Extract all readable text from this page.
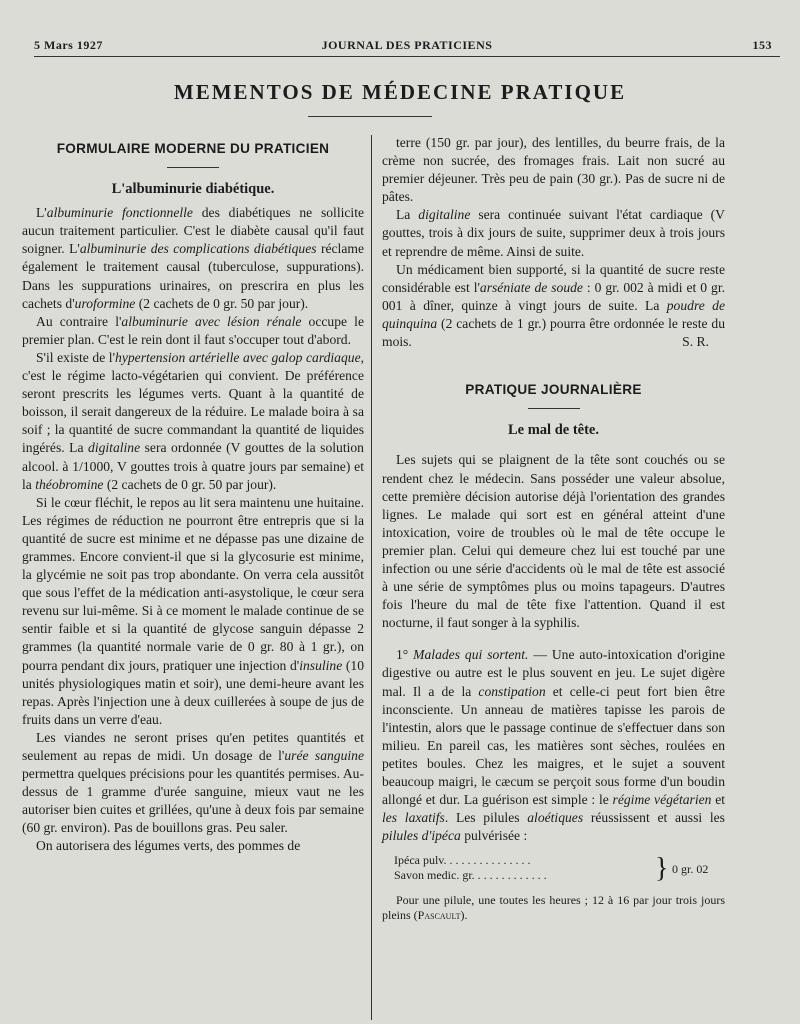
5 Mars 1927	JOURNAL DES PRATICIENS	153
MEMENTOS DE MÉDECINE PRATIQUE
FORMULAIRE MODERNE DU PRATICIEN
L'albuminurie diabétique.

L'albuminurie fonctionnelle des diabétiques ne sollicite aucun traitement particulier. C'est le diabète causal qu'il faut soigner. L'albuminurie des complications diabétiques réclame également le traitement causal (tuberculose, suppurations). Dans les suppurations urinaires, on prescrira en plus les cachets d'uroformine (2 cachets de 0 gr. 50 par jour).

Au contraire l'albuminurie avec lésion rénale occupe le premier plan. C'est le rein dont il faut s'occuper tout d'abord.

S'il existe de l'hypertension artérielle avec galop cardiaque, c'est le régime lacto-végétarien qui convient. De préférence seront prescrits les légumes verts. Quant à la quantité de boisson, il serait dangereux de la réduire. Le malade boira à sa soif ; la quantité de sucre commandant la quantité de liquides ingérés. La digitaline sera ordonnée (V gouttes de la solution alcool. à 1/1000, V gouttes trois à quatre jours par semaine) et la théobromine (2 cachets de 0 gr. 50 par jour).

Si le cœur fléchit, le repos au lit sera maintenu une huitaine. Les régimes de réduction ne pourront être entrepris que si la quantité de sucre est minime et ne dépasse pas une dizaine de grammes. Encore convient-il que si la glycosurie est minime, la glycémie ne soit pas trop abondante. On verra cela aussitôt que sous l'effet de la médication anti-asystolique, le cœur sera revenu sur lui-même. Si à ce moment le malade continue de se sentir faible et si la quantité de glycose sanguin dépasse 2 grammes (la quantité normale varie de 0 gr. 80 à 1 gr.), on pourra pendant dix jours, pratiquer une injection d'insuline (10 unités physiologiques matin et soir), une demi-heure avant les repas. Après l'injection une à deux cuillerées à soupe de jus de fruits dans un verre d'eau.

Les viandes ne seront prises qu'en petites quantités et seulement au repas de midi. Un dosage de l'urée sanguine permettra quelques précisions pour les quantités permises. Au-dessus de 1 gramme d'urée sanguine, mieux vaut ne les autoriser bien cuites et grillées, qu'une à deux fois par semaine (60 gr. environ). Pas de bouillons gras. Peu saler.

On autorisera des légumes verts, des pommes de

terre (150 gr. par jour), des lentilles, du beurre frais, de la crème non sucrée, des fromages frais. Lait non sucré au premier déjeuner. Très peu de pain (30 gr.). Pas de sucre ni de pâtes.

La digitaline sera continuée suivant l'état cardiaque (V gouttes, trois à dix jours de suite, supprimer deux à trois jours et reprendre de même. Ainsi de suite.

Un médicament bien supporté, si la quantité de sucre reste considérable est l'arséniate de soude : 0 gr. 002 à midi et 0 gr. 001 à dîner, quinze à vingt jours de suite. La poudre de quinquina (2 cachets de 1 gr.) pourra être ordonnée le reste du mois.	S. R.
PRATIQUE JOURNALIÈRE
Le mal de tête.

Les sujets qui se plaignent de la tête sont couchés ou se rendent chez le médecin. Sans posséder une valeur absolue, cette première décision autorise déjà l'orientation des grandes lignes. Le malade qui sort est en général atteint d'une intoxication, voire de troubles où le mal de tête occupe le premier plan. Celui qui demeure chez lui est touché par une infection ou une série d'accidents où le mal de tête est associé à une série de symptômes plus ou moins tapageurs. D'autres fois l'heure du mal de tête fixe l'attention. Quand il est nocturne, il faut songer à la syphilis.

1° Malades qui sortent. — Une auto-intoxication d'origine digestive ou autre est le plus souvent en jeu. Le sujet digère mal. Il a de la constipation et celle-ci peut fort bien être inconsciente. Un anneau de matières tapisse les parois de l'intestin, alors que le passage continue de s'effectuer dans son milieu. En pareil cas, les matières sont sèches, roulées en petites boules. Chez les maigres, et le sujet a souvent beaucoup maigri, le cæcum se perçoit sous forme d'un boudin allongé et dur. La guérison est simple : le régime végétarien et les laxatifs. Les pilules aloétiques réussissent et aussi les pilules d'ipéca pulvérisée :

Ipéca pulv. . . . . . . . . . . . . . .
Savon medic. gr. . . . . . . . . . . . .	} 0 gr. 02

Pour une pilule, une toutes les heures ; 12 à 16 par jour trois jours pleins (Pascault).
